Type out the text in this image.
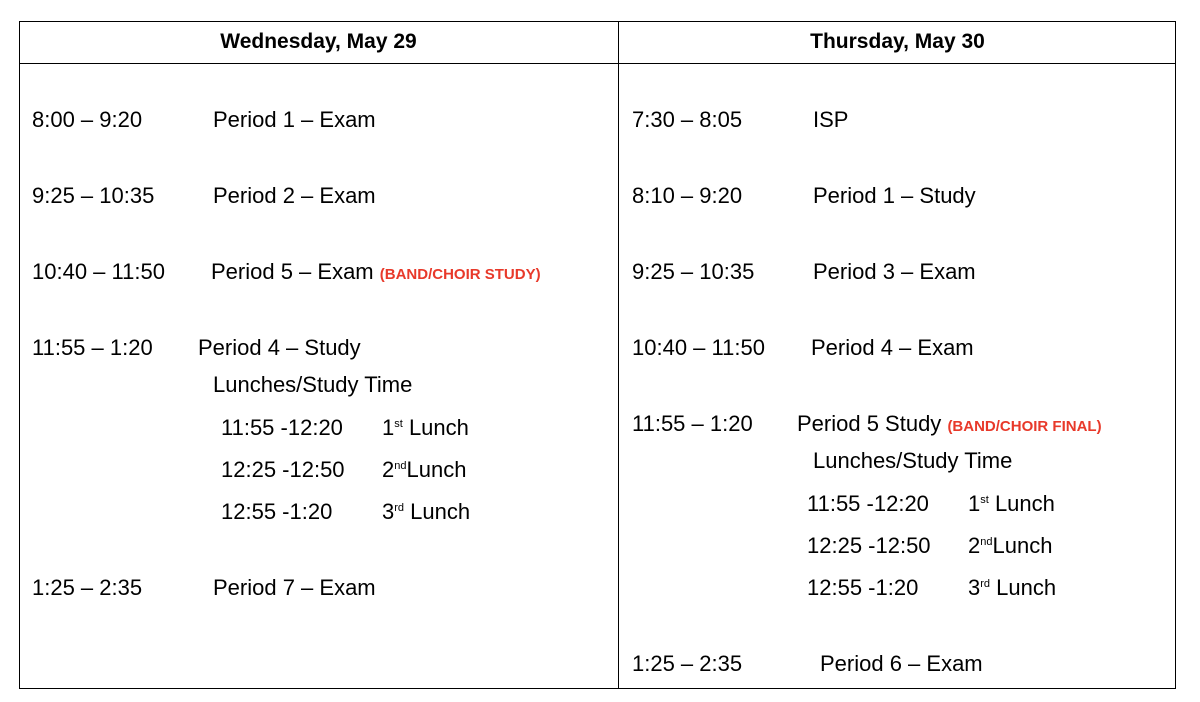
Wednesday, May 29	Thursday, May 30
8:00 – 9:20	Period 1 – Exam
9:25 – 10:35	Period 2 – Exam
10:40 – 11:50 Period 5 – Exam (BAND/CHOIR STUDY)
11:55 – 1:20 Period 4 – Study
Lunches/Study Time
11:55 -12:20 1st Lunch
12:25 -12:50 2ndLunch
12:55 -1:20 3rd Lunch
1:25 – 2:35	Period 7 – Exam
7:30 – 8:05	ISP
8:10 – 9:20	Period 1 – Study
9:25 – 10:35	Period 3 – Exam
10:40 – 11:50 Period 4 – Exam
11:55 – 1:20 Period 5 Study (BAND/CHOIR FINAL)
Lunches/Study Time
11:55 -12:20 1st Lunch
12:25 -12:50 2ndLunch
12:55 -1:20 3rd Lunch
1:25 – 2:35	Period 6 – Exam
